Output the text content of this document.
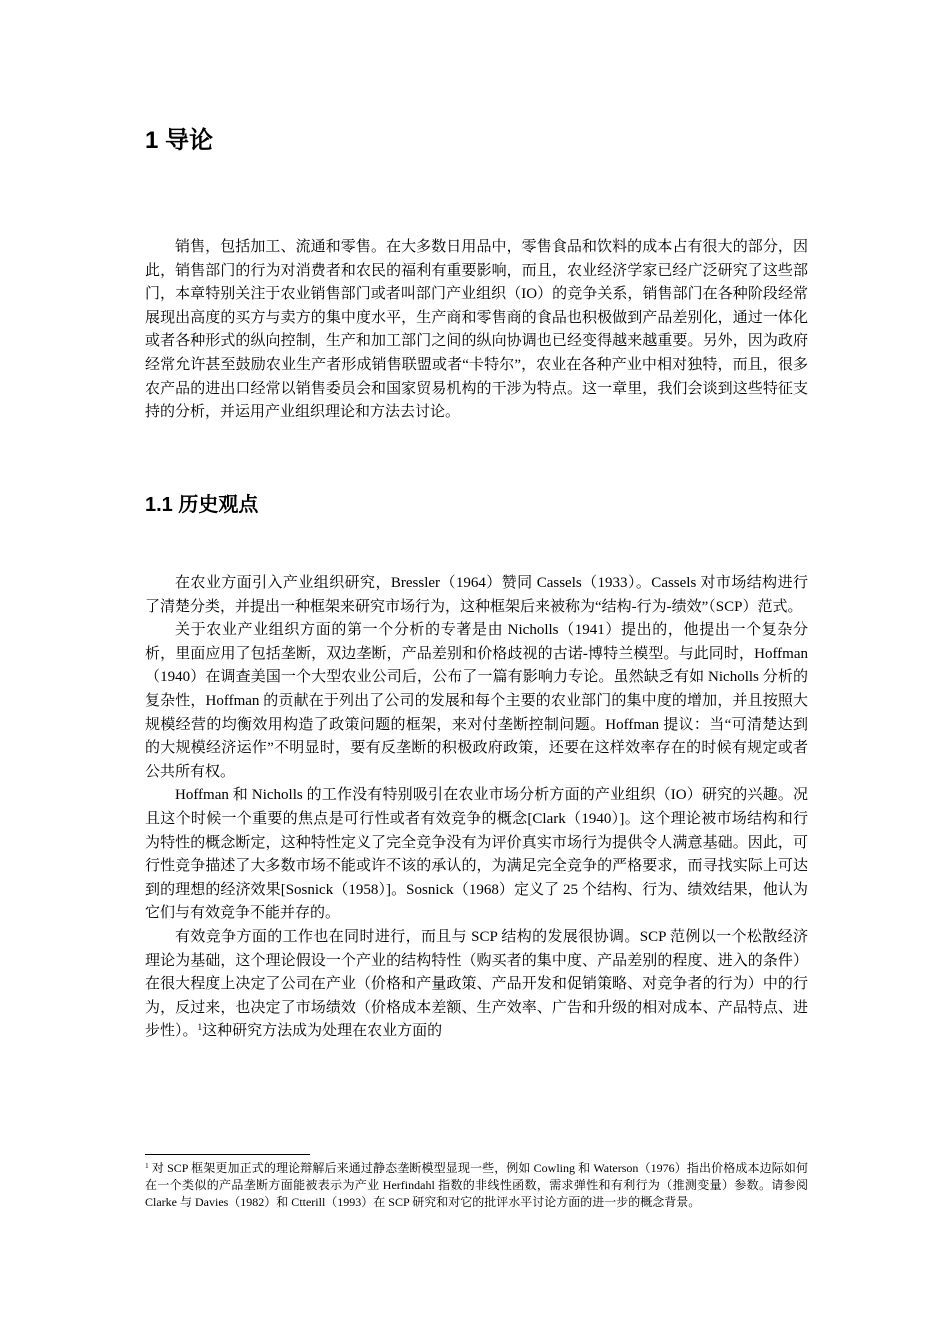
1 导论

销售，包括加工、流通和零售。在大多数日用品中，零售食品和饮料的成本占有很大的部分，因此，销售部门的行为对消费者和农民的福利有重要影响，而且，农业经济学家已经广泛研究了这些部门，本章特别关注于农业销售部门或者叫部门产业组织（IO）的竞争关系，销售部门在各种阶段经常展现出高度的买方与卖方的集中度水平，生产商和零售商的食品也积极做到产品差别化，通过一体化或者各种形式的纵向控制，生产和加工部门之间的纵向协调也已经变得越来越重要。另外，因为政府经常允许甚至鼓励农业生产者形成销售联盟或者“卡特尔”，农业在各种产业中相对独特，而且，很多农产品的进出口经常以销售委员会和国家贸易机构的干涉为特点。这一章里，我们会谈到这些特征支持的分析，并运用产业组织理论和方法去讨论。

1.1 历史观点

在农业方面引入产业组织研究，Bressler（1964）赞同 Cassels（1933）。Cassels 对市场结构进行了清楚分类，并提出一种框架来研究市场行为，这种框架后来被称为“结构-行为-绩效”（SCP）范式。

关于农业产业组织方面的第一个分析的专著是由 Nicholls（1941）提出的，他提出一个复杂分析，里面应用了包括垄断，双边垄断，产品差别和价格歧视的古诺-博特兰模型。与此同时，Hoffman（1940）在调查美国一个大型农业公司后，公布了一篇有影响力专论。虽然缺乏有如 Nicholls 分析的复杂性，Hoffman 的贡献在于列出了公司的发展和每个主要的农业部门的集中度的增加，并且按照大规模经营的均衡效用构造了政策问题的框架，来对付垄断控制问题。Hoffman 提议：当“可清楚达到的大规模经济运作”不明显时，要有反垄断的积极政府政策，还要在这样效率存在的时候有规定或者公共所有权。

Hoffman 和 Nicholls 的工作没有特别吸引在农业市场分析方面的产业组织（IO）研究的兴趣。况且这个时候一个重要的焦点是可行性或者有效竞争的概念[Clark（1940）]。这个理论被市场结构和行为特性的概念断定，这种特性定义了完全竞争没有为评价真实市场行为提供令人满意基础。因此，可行性竞争描述了大多数市场不能或许不该的承认的，为满足完全竞争的严格要求，而寻找实际上可达到的理想的经济效果[Sosnick（1958）]。Sosnick（1968）定义了 25 个结构、行为、绩效结果，他认为它们与有效竞争不能并存的。

有效竞争方面的工作也在同时进行，而且与 SCP 结构的发展很协调。SCP 范例以一个松散经济理论为基础，这个理论假设一个产业的结构特性（购买者的集中度、产品差别的程度、进入的条件）在很大程度上决定了公司在产业（价格和产量政策、产品开发和促销策略、对竞争者的行为）中的行为，反过来，也决定了市场绩效（价格成本差额、生产效率、广告和升级的相对成本、产品特点、进步性）。$^1$这种研究方法成为处理在农业方面的

$^1$ 对 SCP 框架更加正式的理论辩解后来通过静态垄断模型显现一些，例如 Cowling 和 Waterson（1976）指出价格成本边际如何在一个类似的产品垄断方面能被表示为产业 Herfindahl 指数的非线性函数，需求弹性和有利行为（推测变量）参数。请参阅 Clarke 与 Davies（1982）和 Ctterill（1993）在 SCP 研究和对它的批评水平讨论方面的进一步的概念背景。
